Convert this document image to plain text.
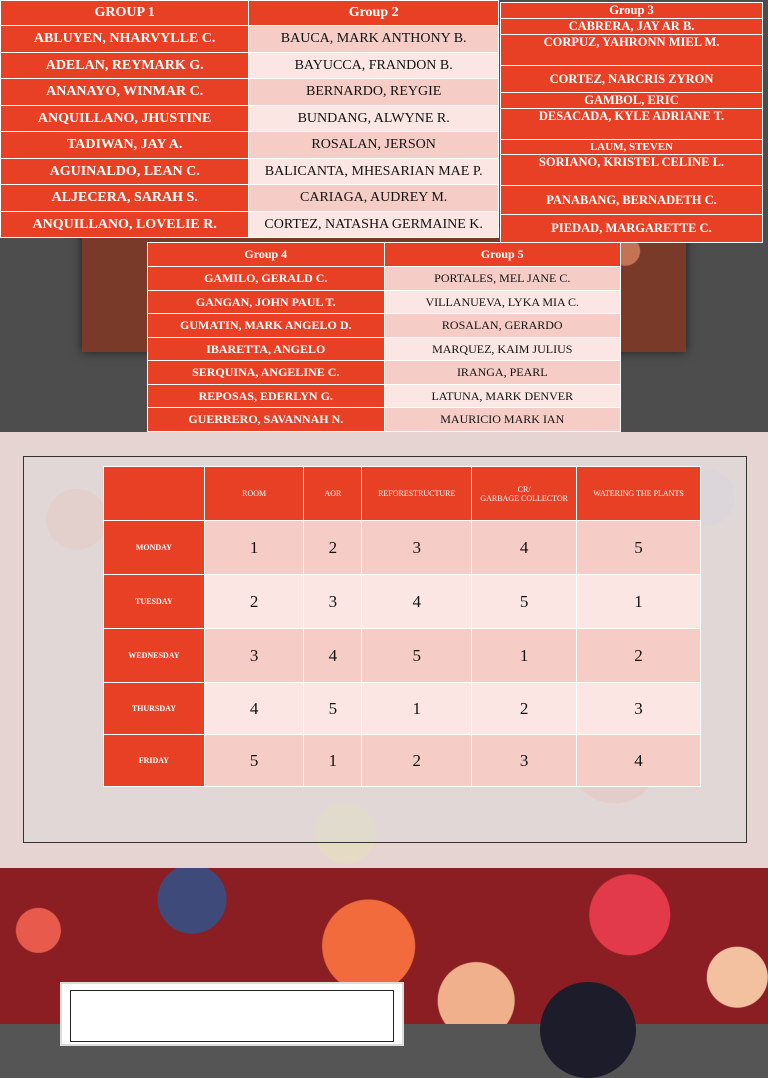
GROUP 1	Group 2
ABLUYEN, NHARVYLLE C.	BAUCA, MARK ANTHONY B.
ADELAN, REYMARK G.	BAYUCCA, FRANDON B.
ANANAYO, WINMAR C.	BERNARDO, REYGIE
ANQUILLANO, JHUSTINE	BUNDANG, ALWYNE R.
TADIWAN, JAY A.	ROSALAN, JERSON
AGUINALDO, LEAN C.	BALICANTA, MHESARIAN MAE P.
ALJECERA, SARAH S.	CARIAGA, AUDREY M.
ANQUILLANO, LOVELIE R.	CORTEZ, NATASHA GERMAINE K.
Group 3
CABRERA, JAY AR B.
CORPUZ, YAHRONN MIEL M.
CORTEZ, NARCRIS ZYRON
GAMBOL, ERIC
DESACADA, KYLE ADRIANE T.
LAUM, STEVEN
SORIANO, KRISTEL CELINE L.
PANABANG, BERNADETH C.
PIEDAD, MARGARETTE C.
Group 4	Group 5
GAMILO, GERALD C.	PORTALES, MEL JANE C.
GANGAN, JOHN PAUL T.	VILLANUEVA, LYKA MIA C.
GUMATIN, MARK ANGELO D.	ROSALAN, GERARDO
IBARETTA, ANGELO	MARQUEZ, KAIM JULIUS
SERQUINA, ANGELINE C.	IRANGA, PEARL
REPOSAS, EDERLYN G.	LATUNA, MARK DENVER
GUERRERO, SAVANNAH N.	MAURICIO MARK IAN
	ROOM	AOR	REFORESTRUCTURE	CR/
GARBAGE COLLECTOR	WATERING THE PLANTS
MONDAY	1	2	3	4	5
TUESDAY	2	3	4	5	1
WEDNESDAY	3	4	5	1	2
THURSDAY	4	5	1	2	3
FRIDAY	5	1	2	3	4
